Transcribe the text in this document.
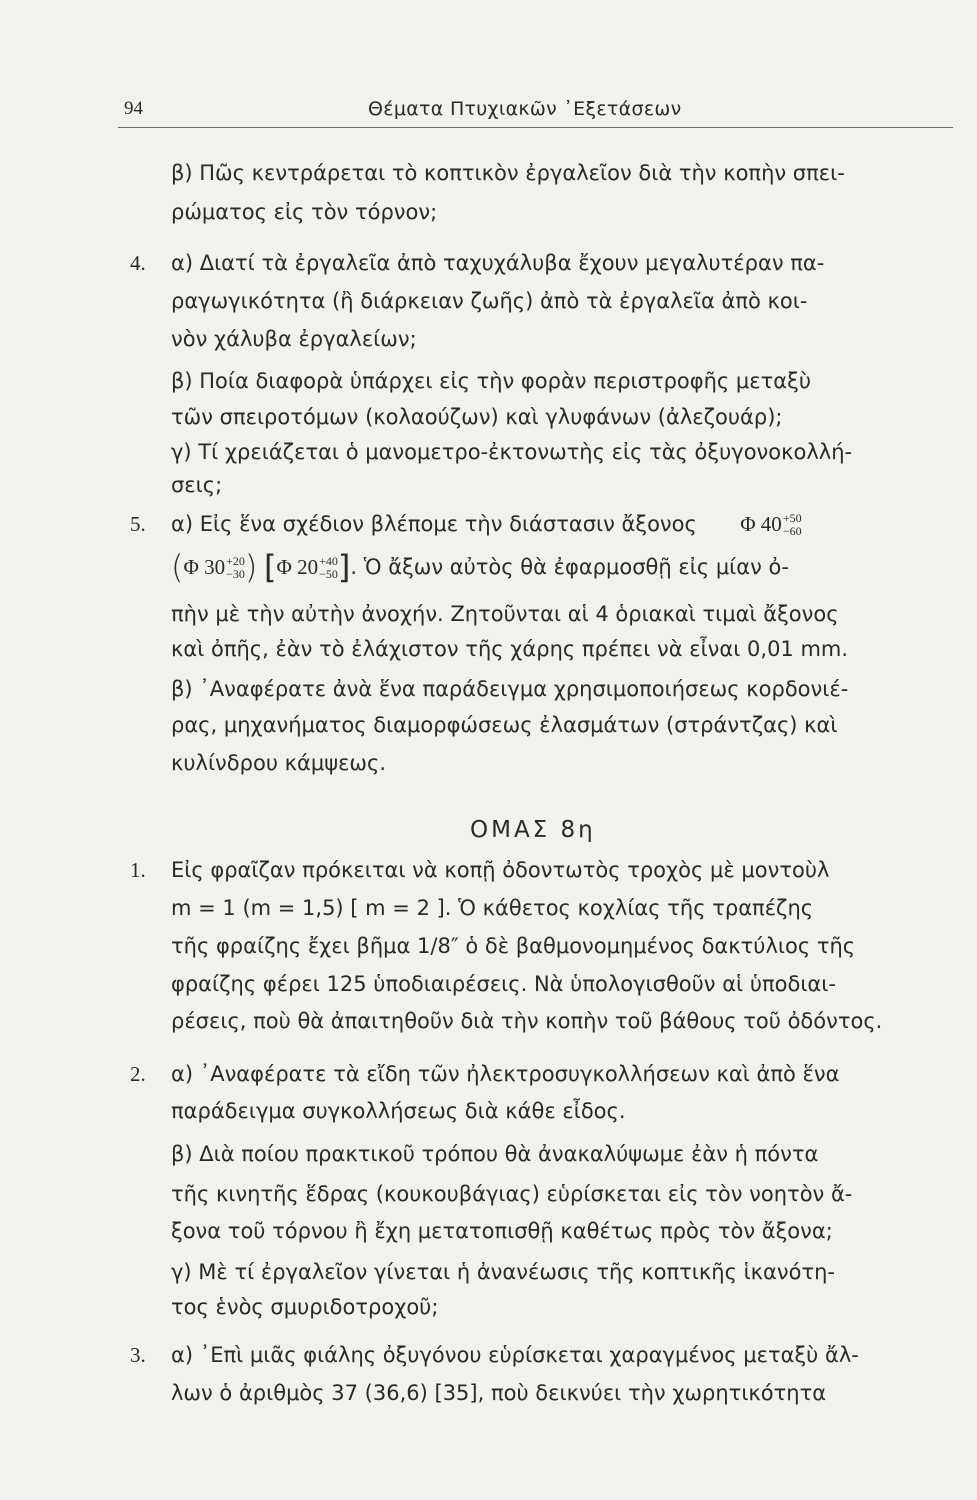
94	Θέματα Πτυχιακῶν ᾿Εξετάσεων
β) Πῶς κεντράρεται τὸ κοπτικὸν ἐργαλεῖον διὰ τὴν κοπὴν σπει-
ρώματος εἰς τὸν τόρνον;
4. α) Διατί τὰ ἐργαλεῖα ἀπὸ ταχυχάλυβα ἔχουν μεγαλυτέραν πα-
ραγωγικότητα (ἢ διάρκειαν ζωῆς) ἀπὸ τὰ ἐργαλεῖα ἀπὸ κοι-
νὸν χάλυβα ἐργαλείων;
β) Ποία διαφορὰ ὑπάρχει εἰς τὴν φορὰν περιστροφῆς μεταξὺ
τῶν σπειροτόμων (κολαούζων) καὶ γλυφάνων (ἀλεζουάρ);
γ) Τί χρειάζεται ὁ μανομετρο-ἐκτονωτὴς εἰς τὰς ὀξυγονοκολλή-
σεις;
5. α) Εἰς ἕνα σχέδιον βλέπομε τὴν διάστασιν ἄξονος Φ 40 +50
−60
(Φ 30 +20
−30 ) [Φ 20 +40
−50 ]. Ὁ ἄξων αὐτὸς θὰ ἐφαρμοσθῇ εἰς μίαν ὀ-
πὴν μὲ τὴν αὐτὴν ἀνοχήν. Ζητοῦνται αἱ 4 ὁριακαὶ τιμαὶ ἄξονος
καὶ ὀπῆς, ἐὰν τὸ ἐλάχιστον τῆς χάρης πρέπει νὰ εἶναι 0,01 mm.
β) ᾿Αναφέρατε ἀνὰ ἕνα παράδειγμα χρησιμοποιήσεως κορδονιέ-
ρας, μηχανήματος διαμορφώσεως ἐλασμάτων (στράντζας) καὶ
κυλίνδρου κάμψεως.
ΟΜΑΣ 8η
1. Εἰς φραῖζαν πρόκειται νὰ κοπῇ ὀδοντωτὸς τροχὸς μὲ μοντοὺλ
m = 1 (m = 1,5) [ m = 2 ]. Ὁ κάθετος κοχλίας τῆς τραπέζης
τῆς φραίζης ἔχει βῆμα 1/8″ ὁ δὲ βαθμονομημένος δακτύλιος τῆς
φραίζης φέρει 125 ὑποδιαιρέσεις. Νὰ ὑπολογισθοῦν αἱ ὑποδιαι-
ρέσεις, ποὺ θὰ ἀπαιτηθοῦν διὰ τὴν κοπὴν τοῦ βάθους τοῦ ὀδόντος.
2. α) ᾿Αναφέρατε τὰ εἴδη τῶν ἠλεκτροσυγκολλήσεων καὶ ἀπὸ ἕνα
παράδειγμα συγκολλήσεως διὰ κάθε εἶδος.
β) Διὰ ποίου πρακτικοῦ τρόπου θὰ ἀνακαλύψωμε ἐὰν ἡ πόντα
τῆς κινητῆς ἕδρας (κουκουβάγιας) εὑρίσκεται εἰς τὸν νοητὸν ἄ-
ξονα τοῦ τόρνου ἢ ἔχη μετατοπισθῇ καθέτως πρὸς τὸν ἄξονα;
γ) Μὲ τί ἐργαλεῖον γίνεται ἡ ἀνανέωσις τῆς κοπτικῆς ἱκανότη-
τος ἑνὸς σμυριδοτροχοῦ;
3. α) ᾿Επὶ μιᾶς φιάλης ὀξυγόνου εὑρίσκεται χαραγμένος μεταξὺ ἄλ-
λων ὁ ἀριθμὸς 37 (36,6) [35], ποὺ δεικνύει τὴν χωρητικότητα
